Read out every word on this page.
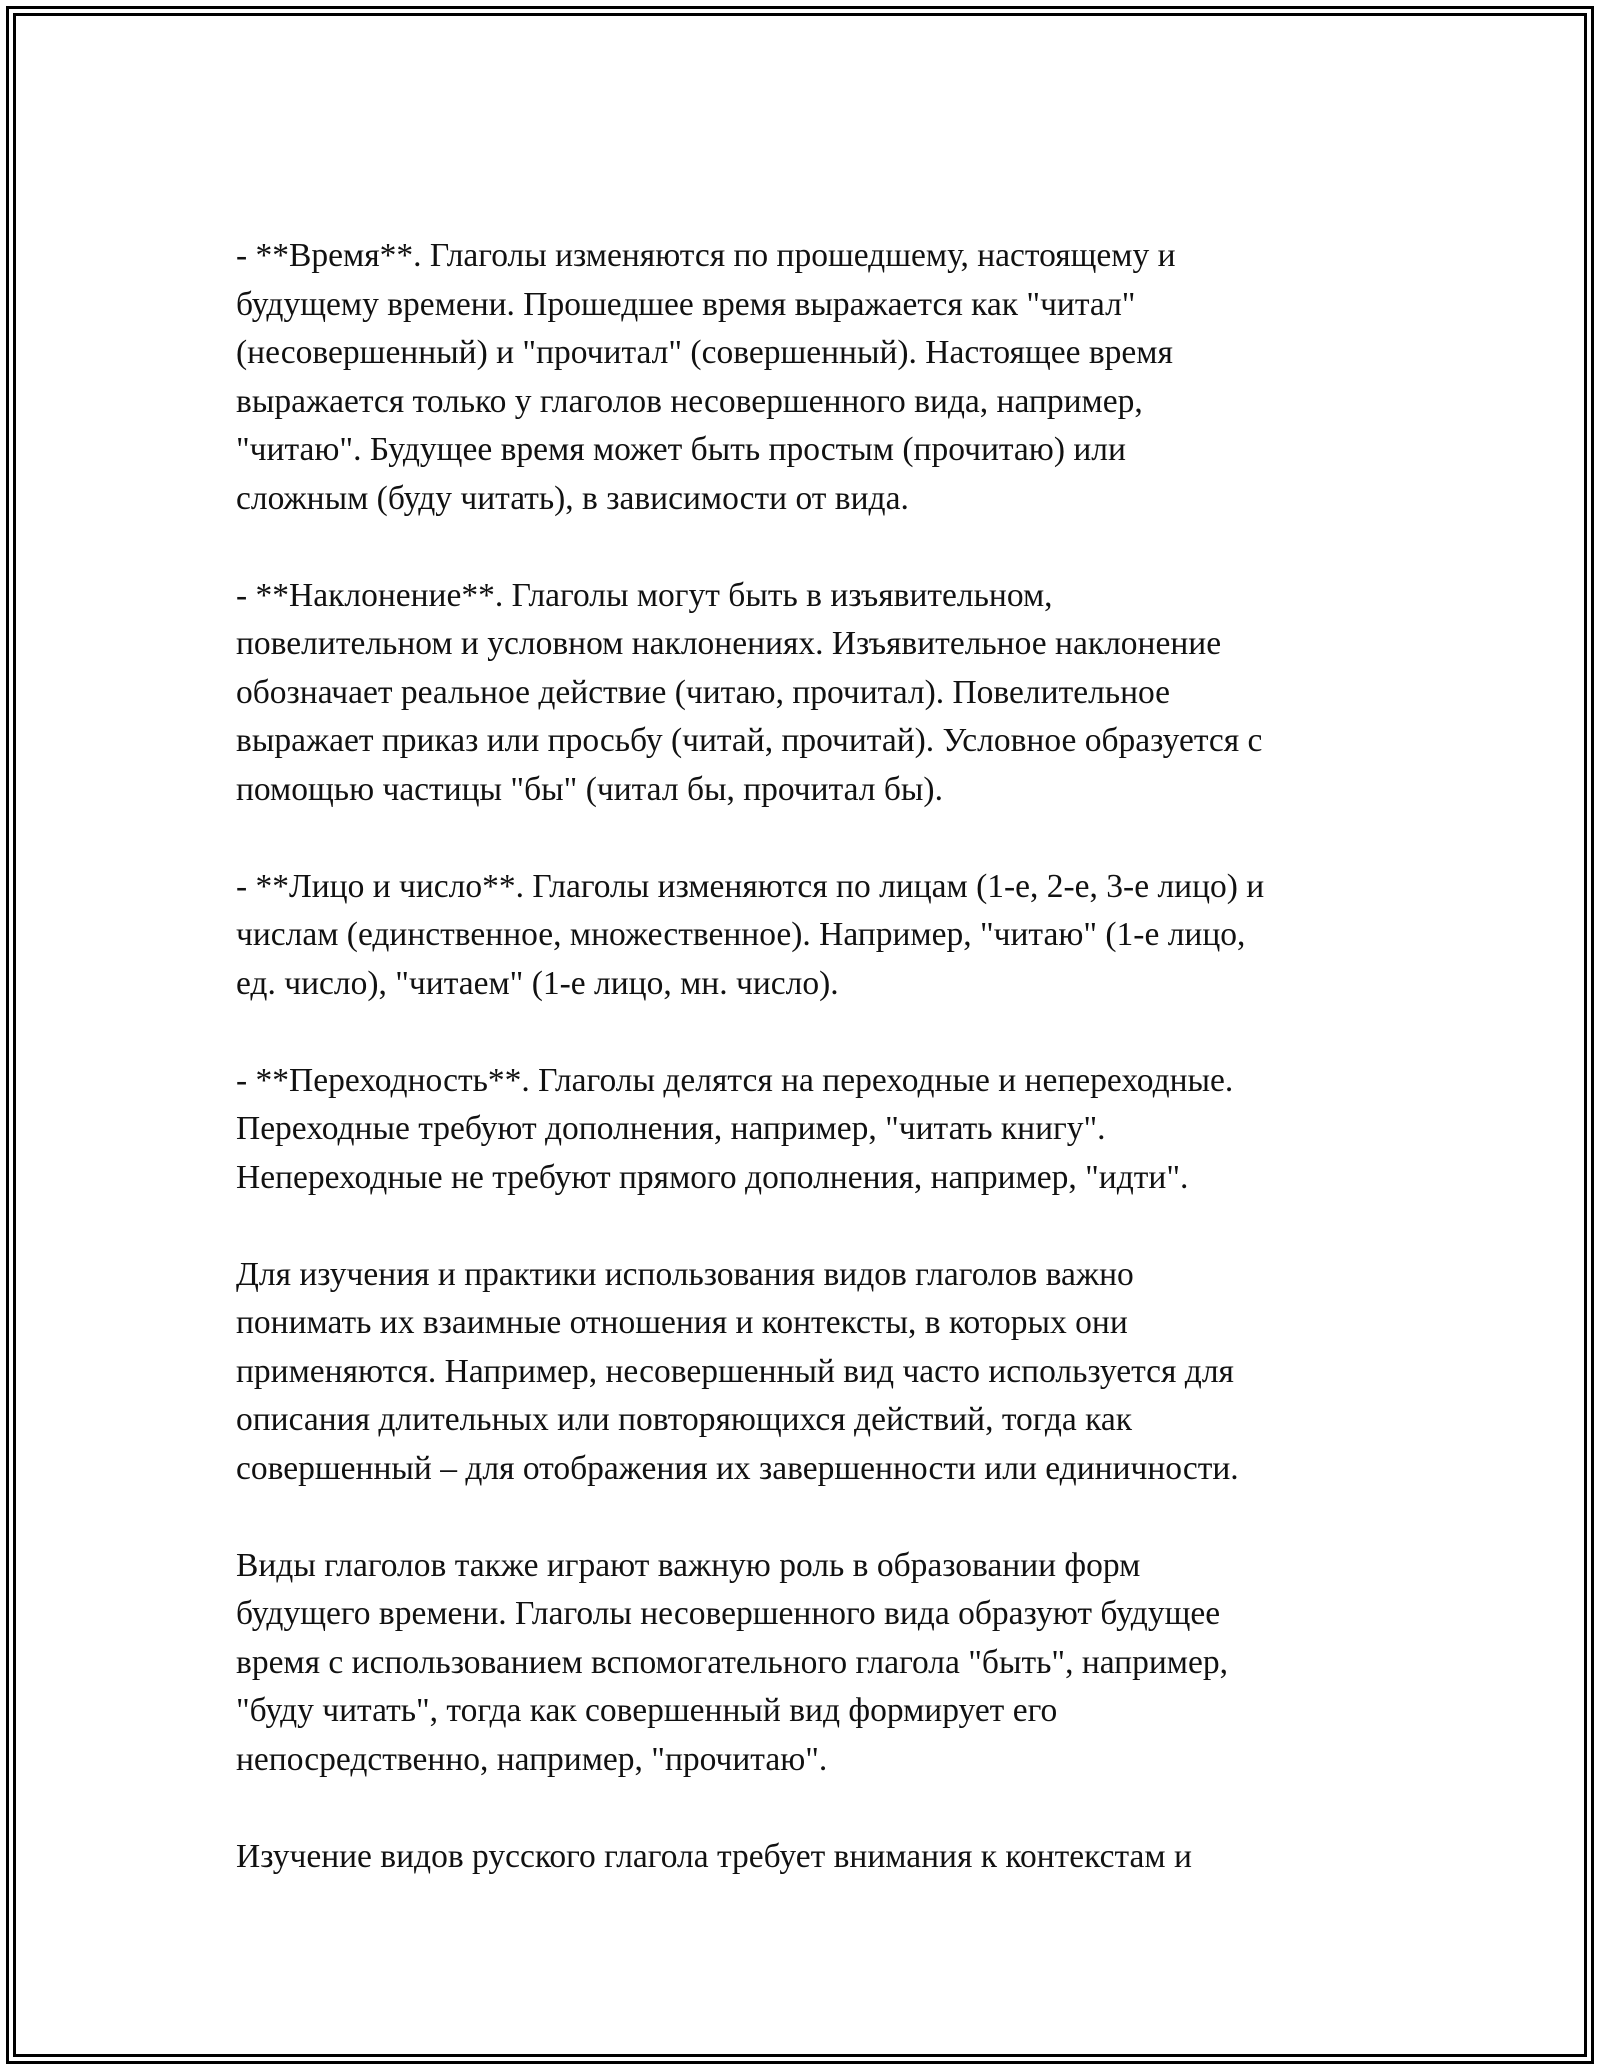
- **Время**. Глаголы изменяются по прошедшему, настоящему и
будущему времени. Прошедшее время выражается как "читал"
(несовершенный) и "прочитал" (совершенный). Настоящее время
выражается только у глаголов несовершенного вида, например,
"читаю". Будущее время может быть простым (прочитаю) или
сложным (буду читать), в зависимости от вида.

- **Наклонение**. Глаголы могут быть в изъявительном,
повелительном и условном наклонениях. Изъявительное наклонение
обозначает реальное действие (читаю, прочитал). Повелительное
выражает приказ или просьбу (читай, прочитай). Условное образуется с
помощью частицы "бы" (читал бы, прочитал бы).

- **Лицо и число**. Глаголы изменяются по лицам (1-е, 2-е, 3-е лицо) и
числам (единственное, множественное). Например, "читаю" (1-е лицо,
ед. число), "читаем" (1-е лицо, мн. число).

- **Переходность**. Глаголы делятся на переходные и непереходные.
Переходные требуют дополнения, например, "читать книгу".
Непереходные не требуют прямого дополнения, например, "идти".

Для изучения и практики использования видов глаголов важно
понимать их взаимные отношения и контексты, в которых они
применяются. Например, несовершенный вид часто используется для
описания длительных или повторяющихся действий, тогда как
совершенный – для отображения их завершенности или единичности.

Виды глаголов также играют важную роль в образовании форм
будущего времени. Глаголы несовершенного вида образуют будущее
время с использованием вспомогательного глагола "быть", например,
"буду читать", тогда как совершенный вид формирует его
непосредственно, например, "прочитаю".

Изучение видов русского глагола требует внимания к контекстам и
